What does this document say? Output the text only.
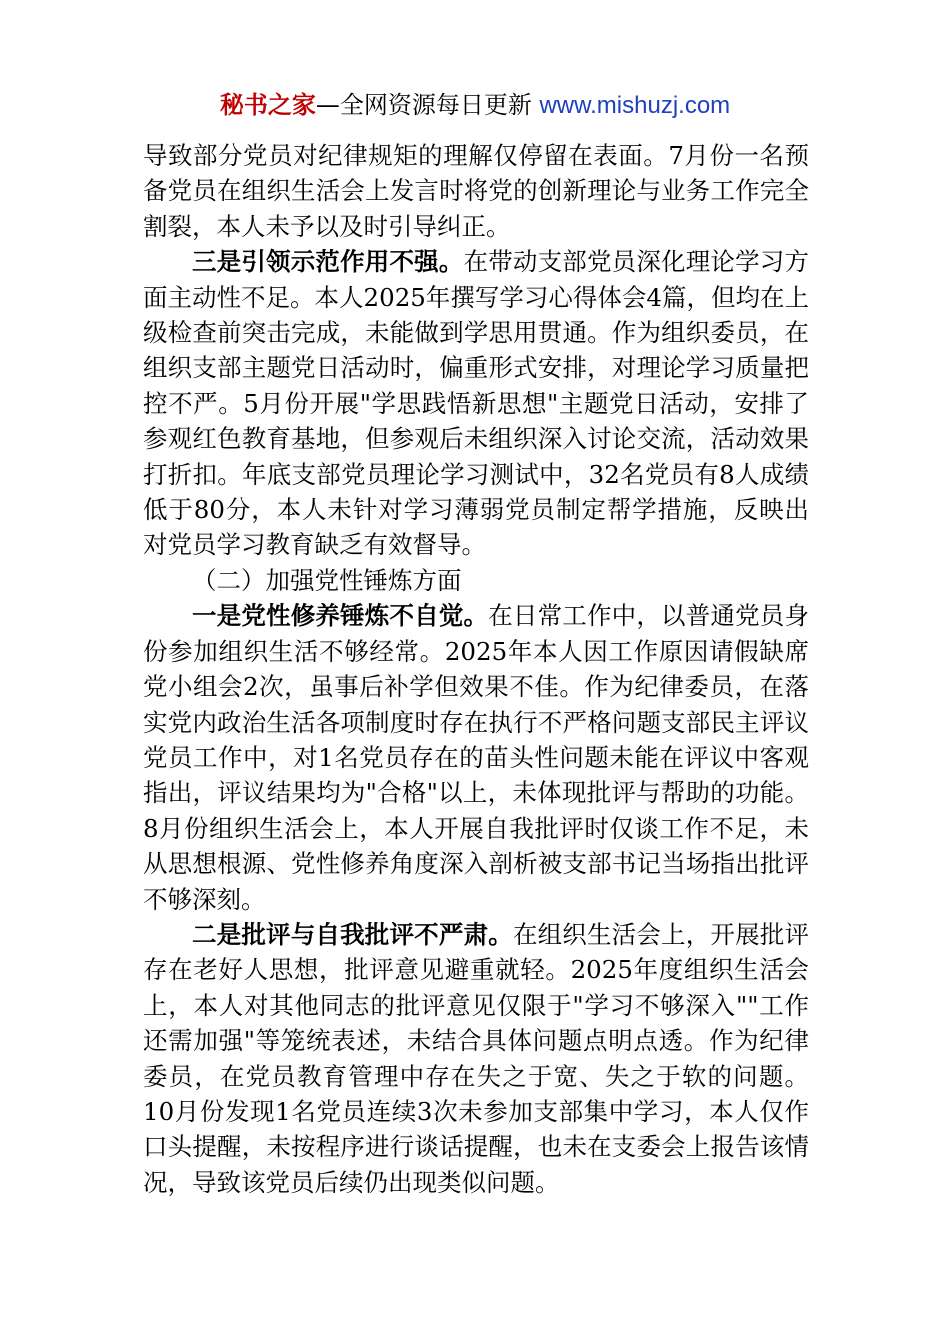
秘书之家—全网资源每日更新 www.mishuzj.com

导致部分党员对纪律规矩的理解仅停留在表面。7月份一名预备党员在组织生活会上发言时将党的创新理论与业务工作完全割裂，本人未予以及时引导纠正。

三是引领示范作用不强。在带动支部党员深化理论学习方面主动性不足。本人2025年撰写学习心得体会4篇，但均在上级检查前突击完成，未能做到学思用贯通。作为组织委员，在组织支部主题党日活动时，偏重形式安排，对理论学习质量把控不严。5月份开展"学思践悟新思想"主题党日活动，安排了参观红色教育基地，但参观后未组织深入讨论交流，活动效果打折扣。年底支部党员理论学习测试中，32名党员有8人成绩低于80分，本人未针对学习薄弱党员制定帮学措施，反映出对党员学习教育缺乏有效督导。

（二）加强党性锤炼方面

一是党性修养锤炼不自觉。在日常工作中，以普通党员身份参加组织生活不够经常。2025年本人因工作原因请假缺席党小组会2次，虽事后补学但效果不佳。作为纪律委员，在落实党内政治生活各项制度时存在执行不严格问题支部民主评议党员工作中，对1名党员存在的苗头性问题未能在评议中客观指出，评议结果均为"合格"以上，未体现批评与帮助的功能。8月份组织生活会上，本人开展自我批评时仅谈工作不足，未从思想根源、党性修养角度深入剖析被支部书记当场指出批评不够深刻。

二是批评与自我批评不严肃。在组织生活会上，开展批评存在老好人思想，批评意见避重就轻。2025年度组织生活会上，本人对其他同志的批评意见仅限于"学习不够深入""工作还需加强"等笼统表述，未结合具体问题点明点透。作为纪律委员，在党员教育管理中存在失之于宽、失之于软的问题。10月份发现1名党员连续3次未参加支部集中学习，本人仅作口头提醒，未按程序进行谈话提醒，也未在支委会上报告该情况，导致该党员后续仍出现类似问题。
